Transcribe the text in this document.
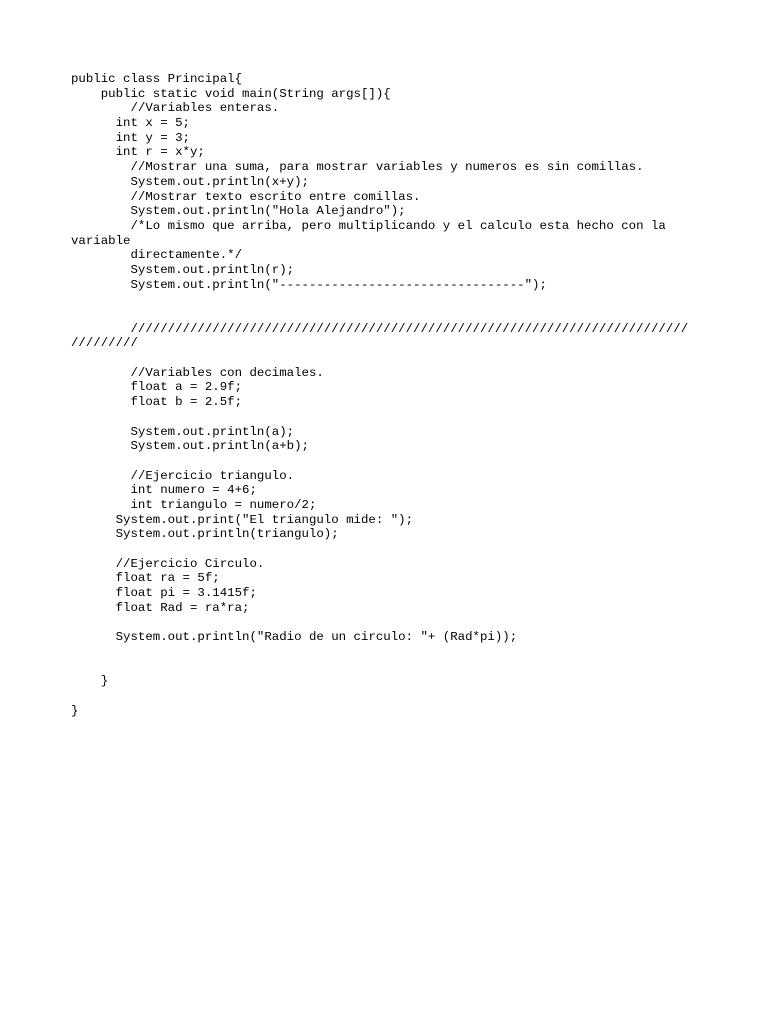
public class Principal{
public static void main(String args[]){
//Variables enteras.
int x = 5;
int y = 3;
int r = x*y;
//Mostrar una suma, para mostrar variables y numeros es sin comillas.
System.out.println(x+y);
//Mostrar texto escrito entre comillas.
System.out.println("Hola Alejandro");
/*Lo mismo que arriba, pero multiplicando y el calculo esta hecho con la
variable
directamente.*/
System.out.println(r);
System.out.println("---------------------------------");
///////////////////////////////////////////////////////////////////////////
/////////
//Variables con decimales.
float a = 2.9f;
float b = 2.5f;
System.out.println(a);
System.out.println(a+b);
//Ejercicio triangulo.
int numero = 4+6;
int triangulo = numero/2;
System.out.print("El triangulo mide: ");
System.out.println(triangulo);
//Ejercicio Circulo.
float ra = 5f;
float pi = 3.1415f;
float Rad = ra*ra;
System.out.println("Radio de un circulo: "+ (Rad*pi));
}
}
